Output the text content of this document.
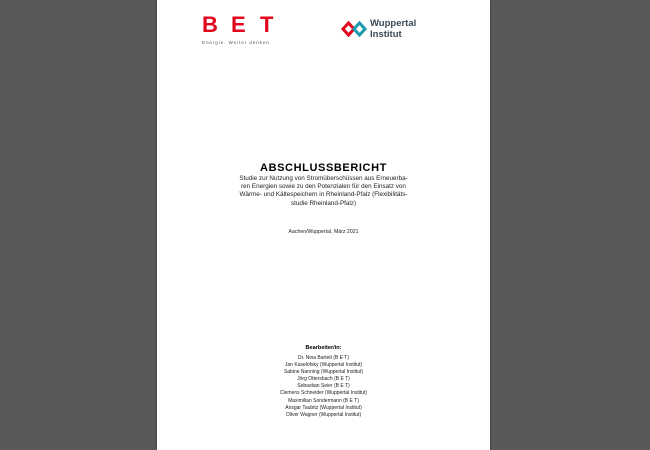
B E T
Energie. Weiter denken
Wuppertal
Institut
ABSCHLUSSBERICHT
Studie zur Nutzung von Stromüberschüssen aus Erneuerba-
ren Energien sowie zu den Potenzialen für den Einsatz von
Wärme- und Kältespeichern in Rheinland-Pfalz (Flexibilitäts-
studie Rheinland-Pfalz)
Aachen/Wuppertal, März 2021
Bearbeiter/in:
Dr. Nina Bartelt (B E T)
Jan Kaselofsky (Wuppertal Institut)
Sabine Nanning (Wuppertal Institut)
Jörg Ottersbach (B E T)
Sebastian Seier (B E T)
Clemens Schneider (Wuppertal Institut)
Maximilian Sondermann (B E T)
Ansgar Taubitz (Wuppertal Institut)
Oliver Wagner (Wuppertal Institut)
